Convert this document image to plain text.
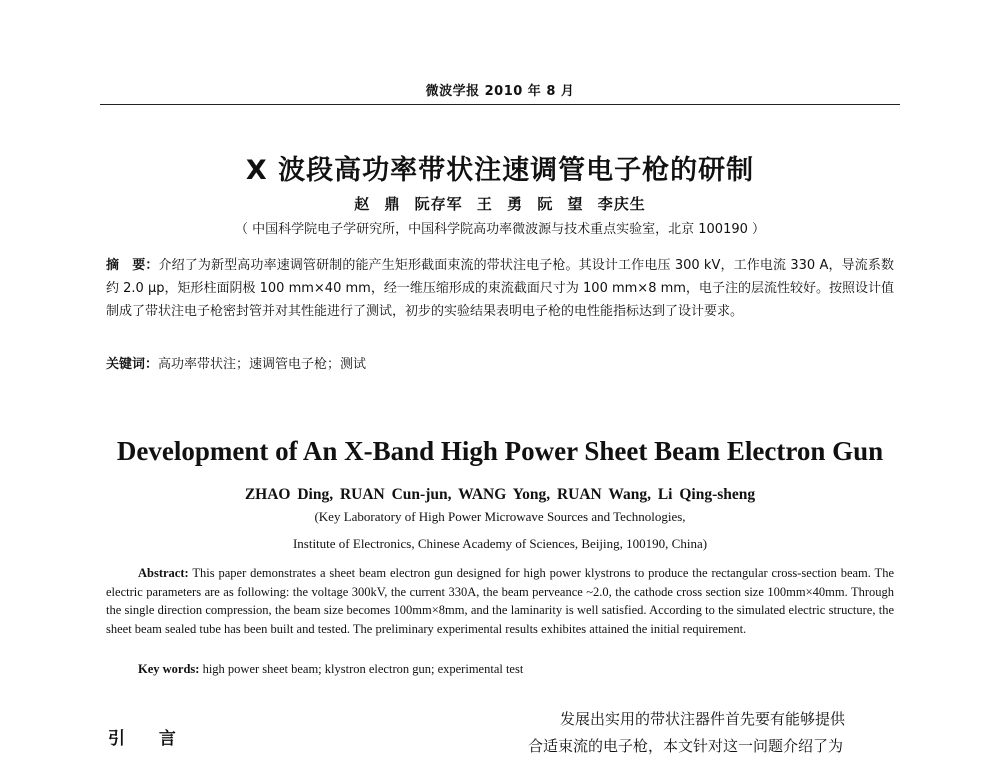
微波学报 2010 年 8 月
X 波段高功率带状注速调管电子枪的研制
赵 鼎 阮存军 王 勇 阮 望 李庆生
（ 中国科学院电子学研究所，中国科学院高功率微波源与技术重点实验室，北京 100190 ）
摘　要：介绍了为新型高功率速调管研制的能产生矩形截面束流的带状注电子枪。其设计工作电压 300 kV，工作电流 330 A，导流系数约 2.0 μp，矩形柱面阴极 100 mm×40 mm，经一维压缩形成的束流截面尺寸为 100 mm×8 mm，电子注的层流性较好。按照设计值制成了带状注电子枪密封管并对其性能进行了测试，初步的实验结果表明电子枪的电性能指标达到了设计要求。
关键词：高功率带状注；速调管电子枪；测试
Development of An X-Band High Power Sheet Beam Electron Gun
ZHAO Ding, RUAN Cun-jun, WANG Yong, RUAN Wang, Li Qing-sheng
(Key Laboratory of High Power Microwave Sources and Technologies,
Institute of Electronics, Chinese Academy of Sciences, Beijing, 100190, China)
Abstract: This paper demonstrates a sheet beam electron gun designed for high power klystrons to produce the rectangular cross-section beam. The electric parameters are as following: the voltage 300kV, the current 330A, the beam perveance ~2.0, the cathode cross section size 100mm×40mm. Through the single direction compression, the beam size becomes 100mm×8mm, and the laminarity is well satisfied. According to the simulated electric structure, the sheet beam sealed tube has been built and tested. The preliminary experimental results exhibites attained the initial requirement.
Key words: high power sheet beam; klystron electron gun; experimental test
引 言
发展出实用的带状注器件首先要有能够提供
合适束流的电子枪，本文针对这一问题介绍了为
